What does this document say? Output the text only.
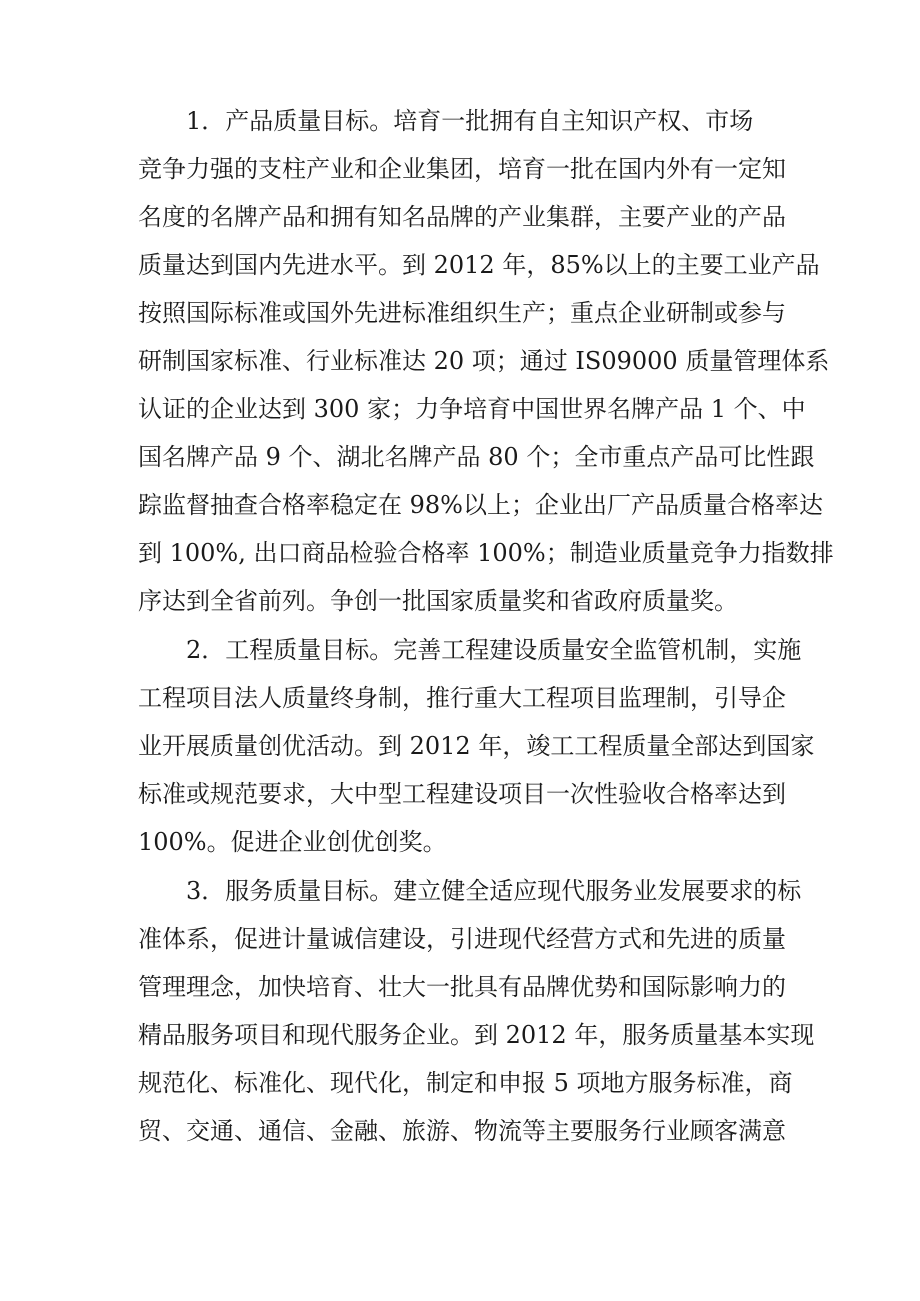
1．产品质量目标。培育一批拥有自主知识产权、市场
竞争力强的支柱产业和企业集团，培育一批在国内外有一定知
名度的名牌产品和拥有知名品牌的产业集群，主要产业的产品
质量达到国内先进水平。到 2012 年，85%以上的主要工业产品
按照国际标准或国外先进标准组织生产；重点企业研制或参与
研制国家标准、行业标准达 20 项；通过 IS09000 质量管理体系
认证的企业达到 300 家；力争培育中国世界名牌产品 1 个、中
国名牌产品 9 个、湖北名牌产品 80 个；全市重点产品可比性跟
踪监督抽查合格率稳定在 98%以上；企业出厂产品质量合格率达
到 100%, 出口商品检验合格率 100%；制造业质量竞争力指数排
序达到全省前列。争创一批国家质量奖和省政府质量奖。
2．工程质量目标。完善工程建设质量安全监管机制，实施
工程项目法人质量终身制，推行重大工程项目监理制，引导企
业开展质量创优活动。到 2012 年，竣工工程质量全部达到国家
标准或规范要求，大中型工程建设项目一次性验收合格率达到
100%。促进企业创优创奖。
3．服务质量目标。建立健全适应现代服务业发展要求的标
准体系，促进计量诚信建设，引进现代经营方式和先进的质量
管理理念，加快培育、壮大一批具有品牌优势和国际影响力的
精品服务项目和现代服务企业。到 2012 年，服务质量基本实现
规范化、标准化、现代化，制定和申报 5 项地方服务标准，商
贸、交通、通信、金融、旅游、物流等主要服务行业顾客满意
